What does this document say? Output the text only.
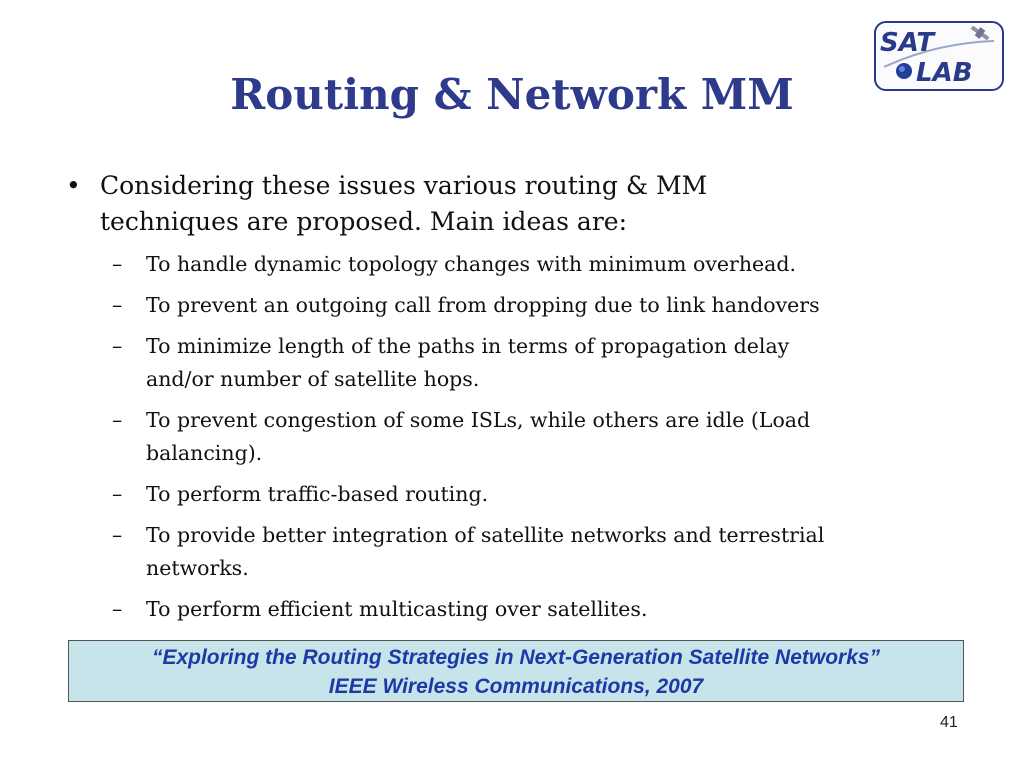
Routing & Network MM
SAT
LAB
• Considering these issues various routing & MM
techniques are proposed. Main ideas are:
– To handle dynamic topology changes with minimum overhead.
– To prevent an outgoing call from dropping due to link handovers
– To minimize length of the paths in terms of propagation delay
and/or number of satellite hops.
– To prevent congestion of some ISLs, while others are idle (Load
balancing).
– To perform traffic-based routing.
– To provide better integration of satellite networks and terrestrial
networks.
– To perform efficient multicasting over satellites.
“Exploring the Routing Strategies in Next-Generation Satellite Networks”
IEEE Wireless Communications, 2007
41
